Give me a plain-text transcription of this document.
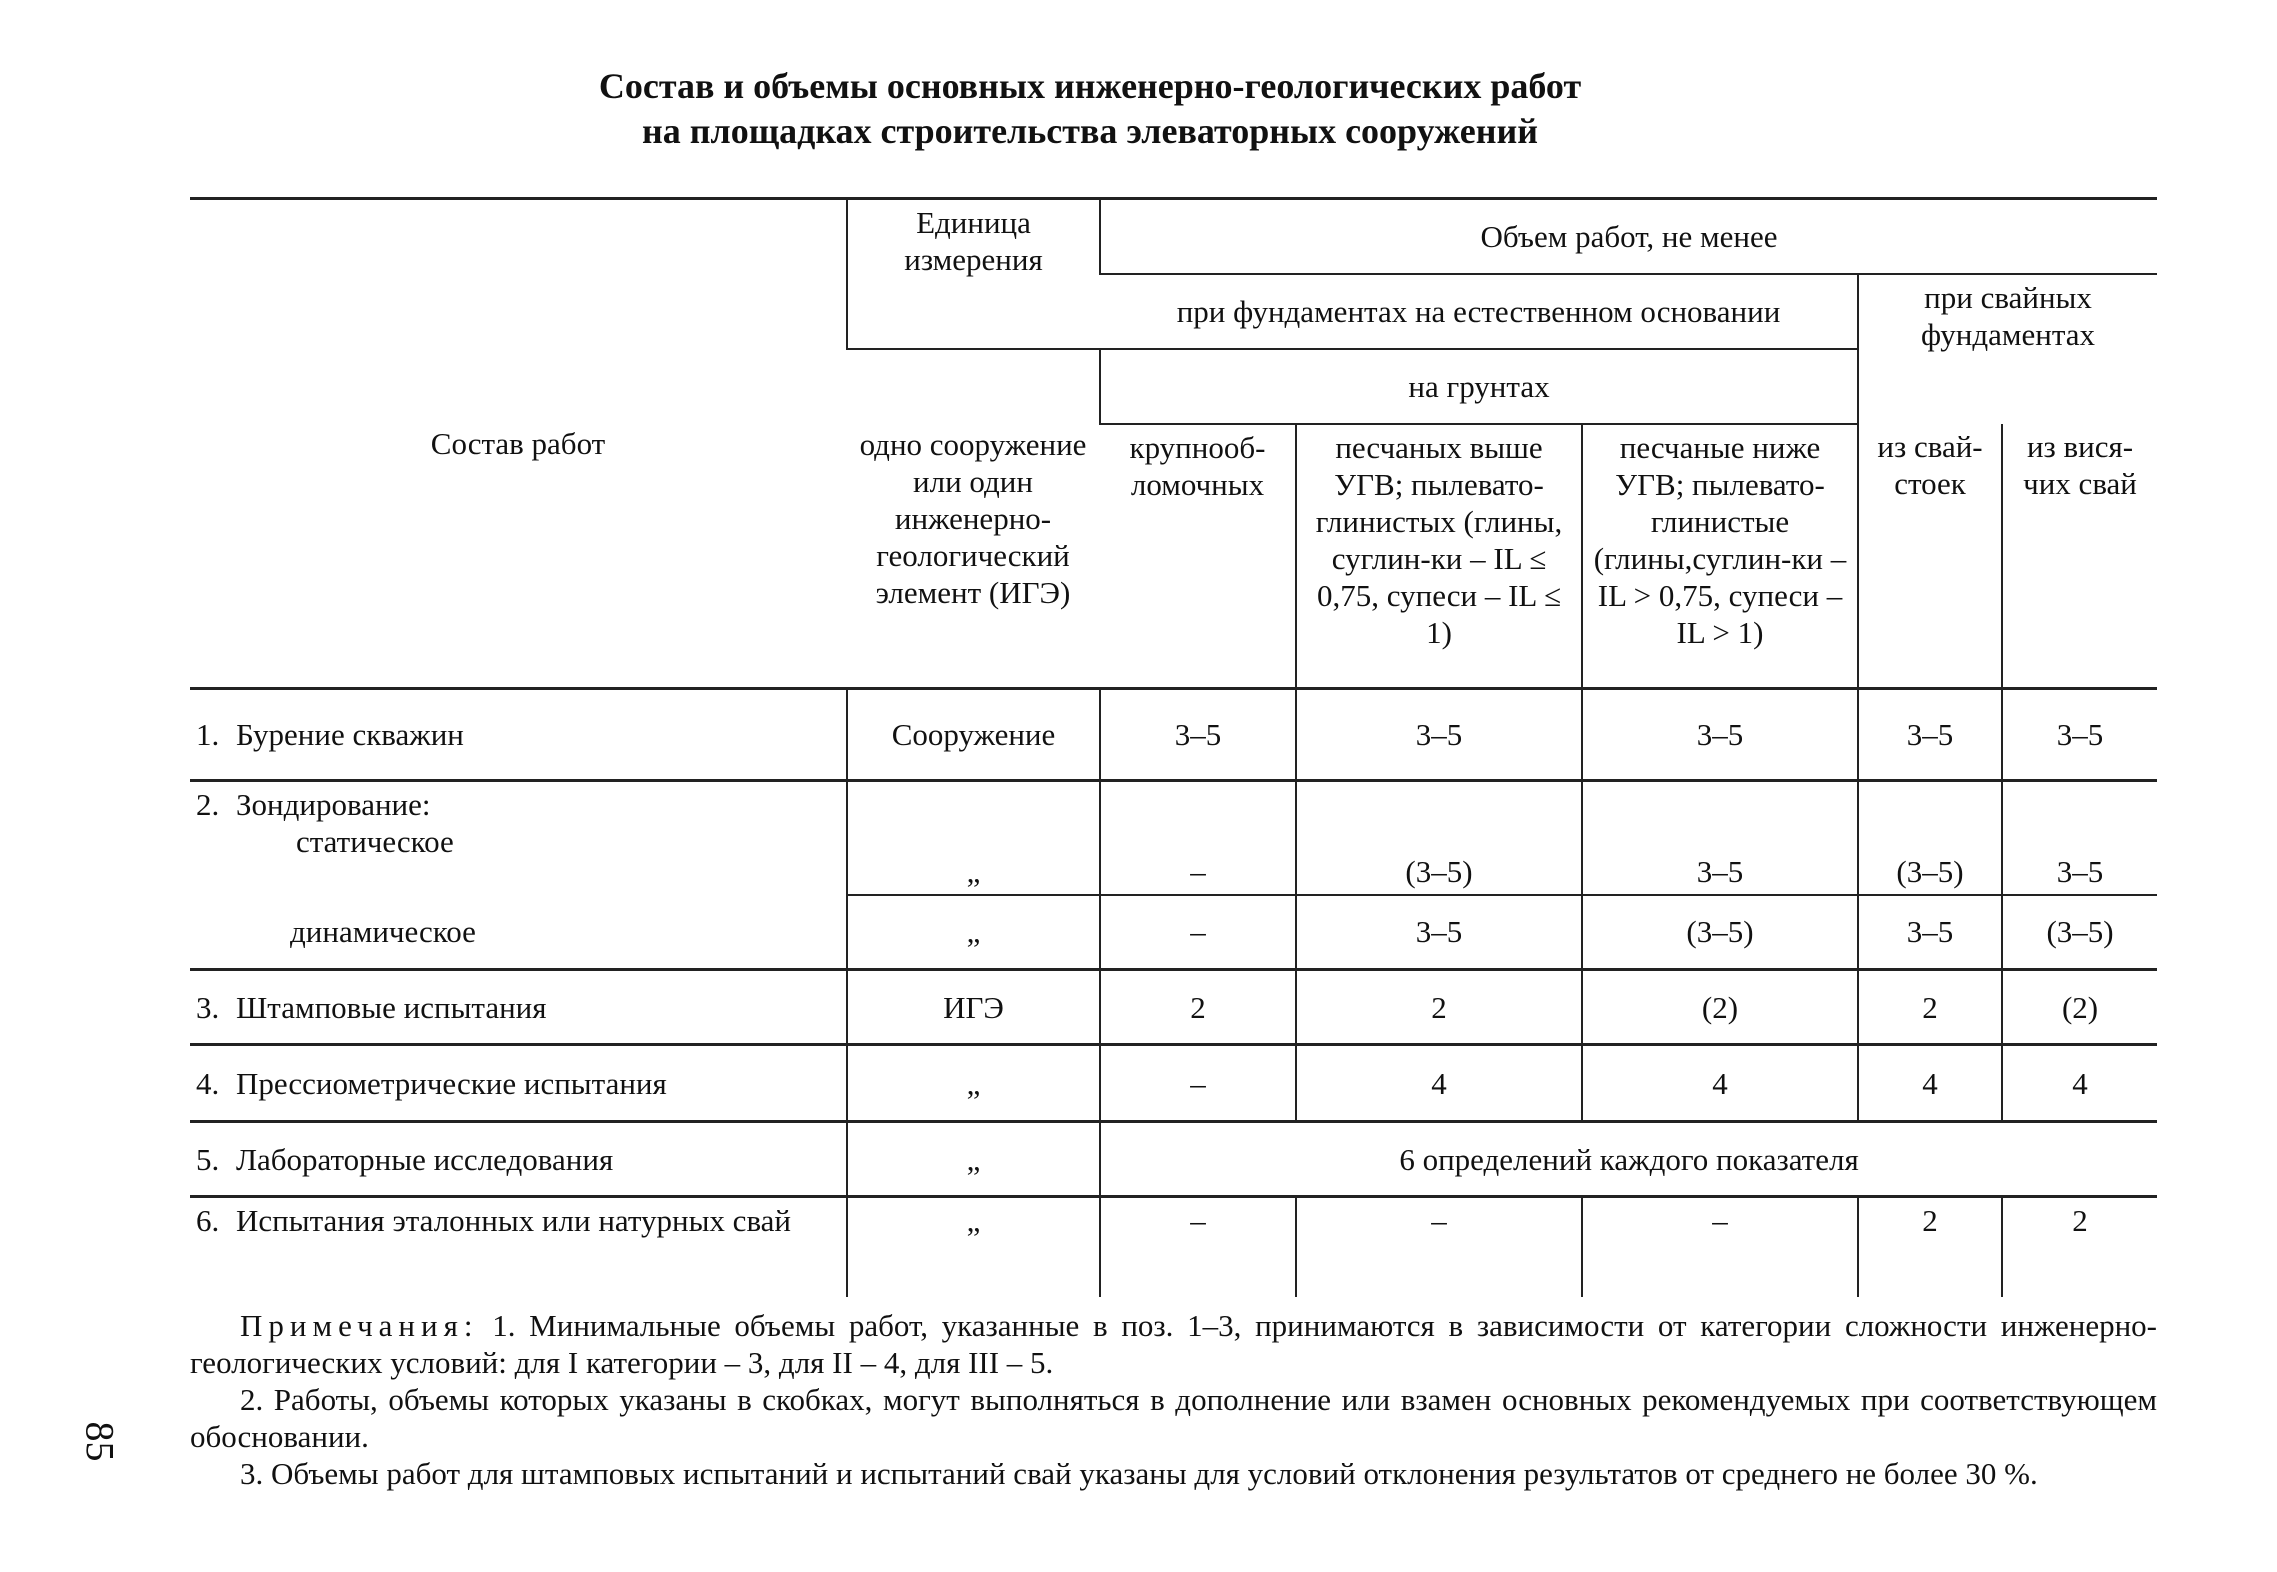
85
Состав и объемы основных инженерно-геологических работ
на площадках строительства элеваторных сооружений
Состав работ	Единица измерения	Объем работ, не менее				
		при фундаментах на естественном основании			при свайных фундаментах	
	одно сооружение или один инженерно-геологический элемент (ИГЭ)	на грунтах				
		крупнооб-ломочных	песчаных выше УГВ; пылевато-глинистых (глины, суглин-ки – IL ≤ 0,75, супеси – IL ≤ 1)	песчаные ниже УГВ; пылевато-глинистые (глины,суглин-ки – IL > 0,75, супеси – IL > 1)	из свай-стоек	из вися-чих свай
1. Бурение скважин	Сооружение	3–5	3–5	3–5	3–5	3–5

2. Зондирование:
статическое	„	–	(3–5)	3–5	(3–5)	3–5
динамическое	„	–	3–5	(3–5)	3–5	(3–5)
3. Штамповые испытания	ИГЭ	2	2	(2)	2	(2)
4. Прессиометрические испытания	„	–	4	4	4	4
5. Лабораторные исследования	„	6 определений каждого показателя				

6. Испытания эталонных или натурных свай	„	–	–	–	2	2

Примечания: 1. Минимальные объемы работ, указанные в поз. 1–3, принимаются в зависимости от категории сложности инженерно-геологических условий: для I категории – 3, для II – 4, для III – 5.

2. Работы, объемы которых указаны в скобках, могут выполняться в дополнение или взамен основных рекомендуемых при соответствующем обосновании.

3. Объемы работ для штамповых испытаний и испытаний свай указаны для условий отклонения результатов от среднего не более 30 %.
